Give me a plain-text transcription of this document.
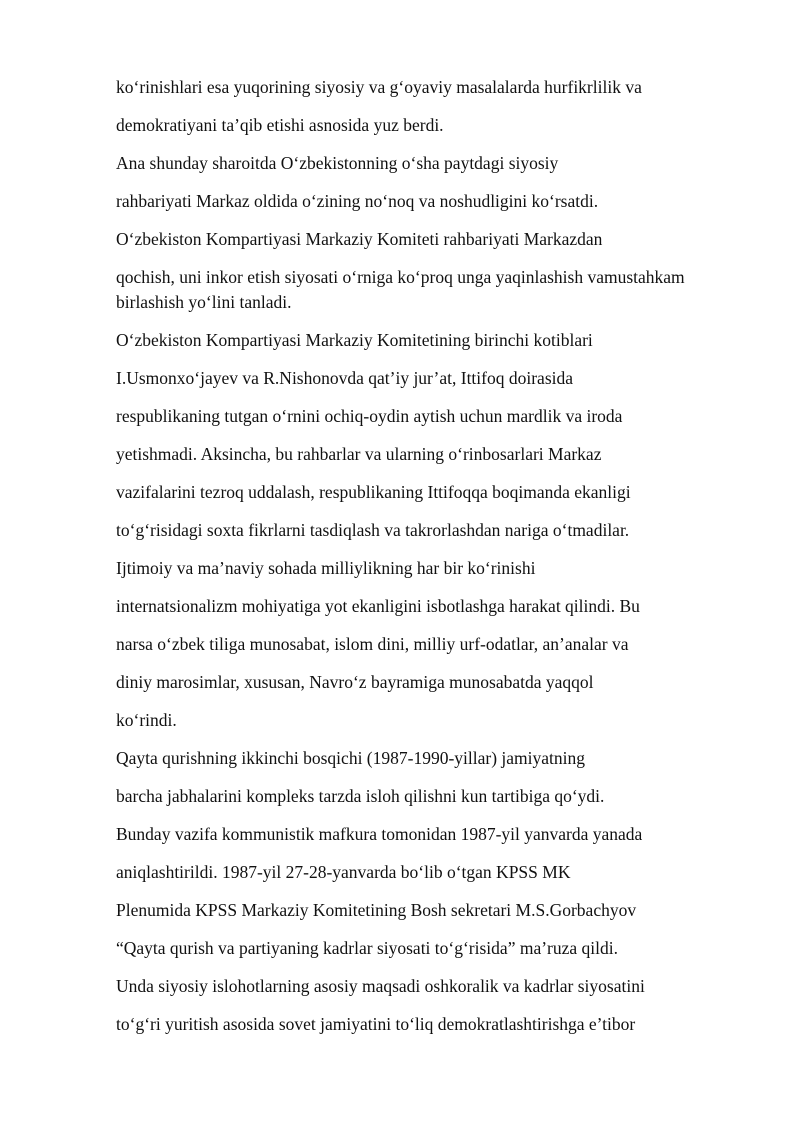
ko‘rinishlari esa yuqorining siyosiy va g‘oyaviy masalalarda hurfikrlilik va
demokratiyani ta’qib etishi asnosida yuz berdi.
Ana shunday sharoitda O‘zbekistonning o‘sha paytdagi siyosiy
rahbariyati Markaz oldida o‘zining no‘noq va noshudligini ko‘rsatdi.
O‘zbekiston Kompartiyasi Markaziy Komiteti rahbariyati Markazdan
qochish, uni inkor etish siyosati o‘rniga ko‘proq unga yaqinlashish vamustahkam
birlashish yo‘lini tanladi.
O‘zbekiston Kompartiyasi Markaziy Komitetining birinchi kotiblari
I.Usmonxo‘jayev va R.Nishonovda qat’iy jur’at, Ittifoq doirasida
respublikaning tutgan o‘rnini ochiq-oydin aytish uchun mardlik va iroda
yetishmadi. Aksincha, bu rahbarlar va ularning o‘rinbosarlari Markaz
vazifalarini tezroq uddalash, respublikaning Ittifoqqa boqimanda ekanligi
to‘g‘risidagi soxta fikrlarni tasdiqlash va takrorlashdan nariga o‘tmadilar.
Ijtimoiy va ma’naviy sohada milliylikning har bir ko‘rinishi
internatsionalizm mohiyatiga yot ekanligini isbotlashga harakat qilindi. Bu
narsa o‘zbek tiliga munosabat, islom dini, milliy urf-odatlar, an’analar va
diniy marosimlar, xususan, Navro‘z bayramiga munosabatda yaqqol
ko‘rindi.
Qayta qurishning ikkinchi bosqichi (1987-1990-yillar) jamiyatning
barcha jabhalarini kompleks tarzda isloh qilishni kun tartibiga qo‘ydi.
Bunday vazifa kommunistik mafkura tomonidan 1987-yil yanvarda yanada
aniqlashtirildi. 1987-yil 27-28-yanvarda bo‘lib o‘tgan KPSS MK
Plenumida KPSS Markaziy Komitetining Bosh sekretari M.S.Gorbachyov
“Qayta qurish va partiyaning kadrlar siyosati to‘g‘risida” ma’ruza qildi.
Unda siyosiy islohotlarning asosiy maqsadi oshkoralik va kadrlar siyosatini
to‘g‘ri yuritish asosida sovet jamiyatini to‘liq demokratlashtirishga e’tibor
